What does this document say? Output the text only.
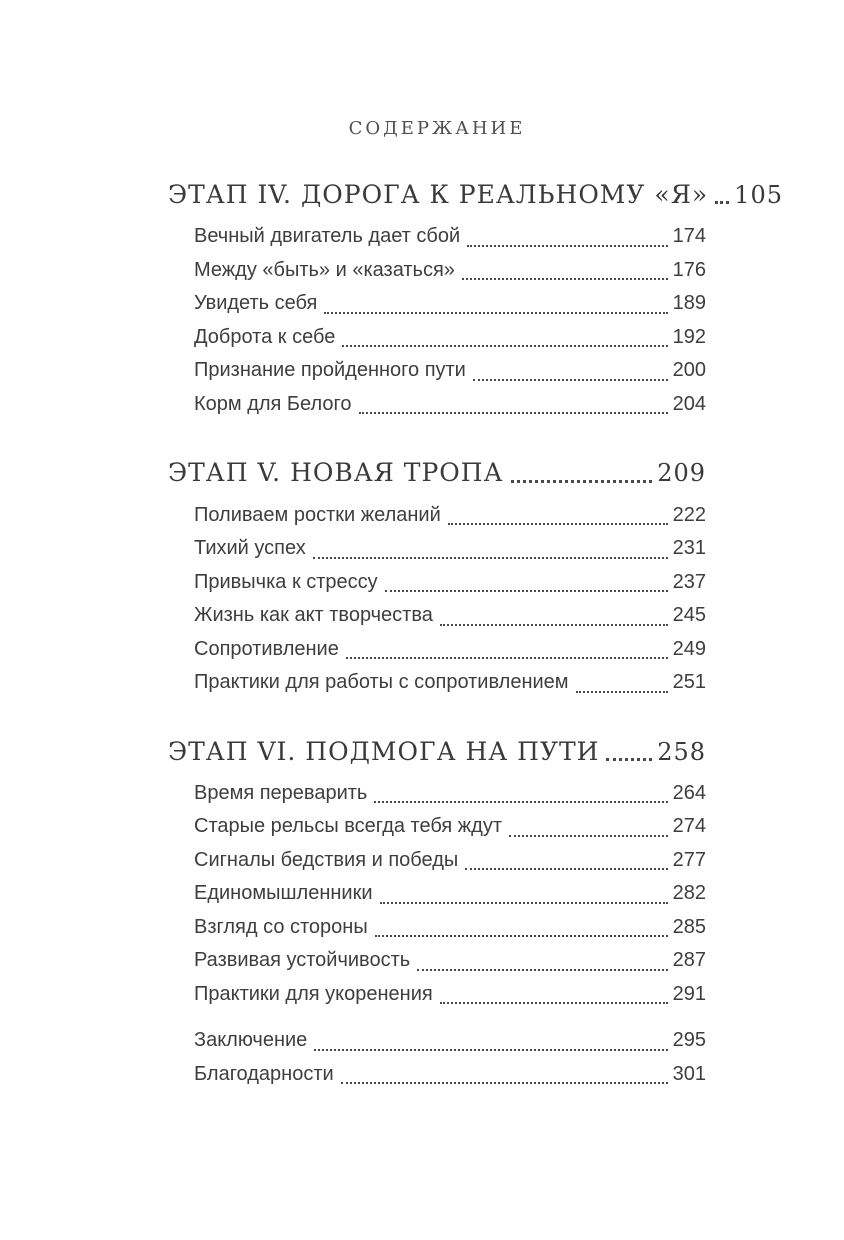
СОДЕРЖАНИЕ
ЭТАП IV. ДОРОГА К РЕАЛЬНОМУ «Я» 105
Вечный двигатель дает сбой	174
Между «быть» и «казаться»	176
Увидеть себя	189
Доброта к себе	192
Признание пройденного пути	200
Корм для Белого	204
ЭТАП V. НОВАЯ ТРОПА	209
Поливаем ростки желаний	222
Тихий успех	231
Привычка к стрессу	237
Жизнь как акт творчества	245
Сопротивление	249
Практики для работы с сопротивлением	251
ЭТАП VI. ПОДМОГА НА ПУТИ 258
Время переварить	264
Старые рельсы всегда тебя ждут	274
Сигналы бедствия и победы	277
Единомышленники	282
Взгляд со стороны	285
Развивая устойчивость	287
Практики для укоренения	291
Заключение	295
Благодарности	301
